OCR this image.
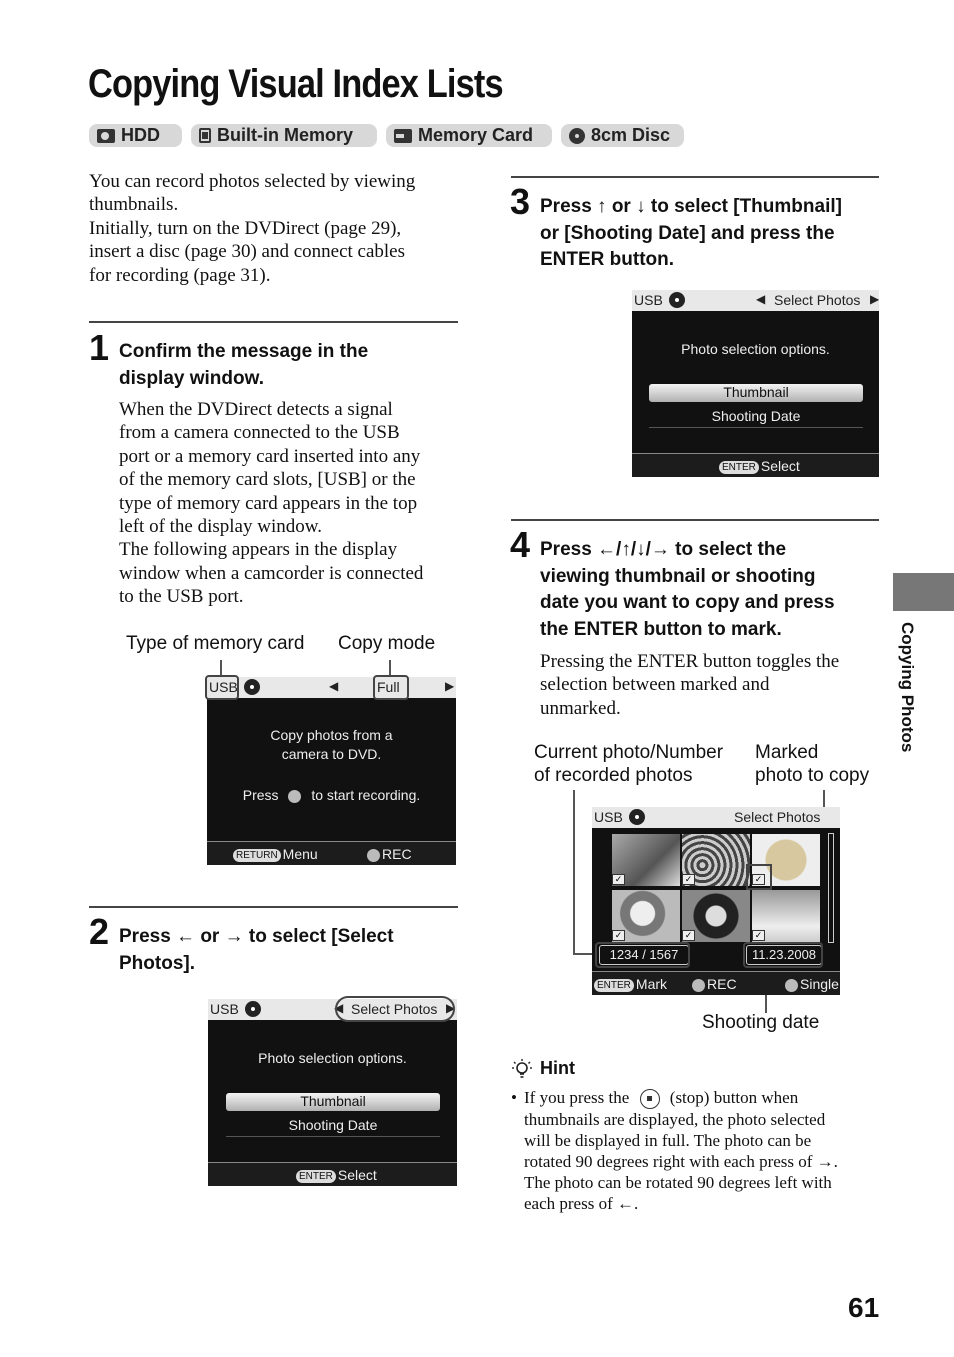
Copying Visual Index Lists
HDD	Built-in Memory	Memory Card	8cm Disc
You can record photos selected by viewing
thumbnails.
Initially, turn on the DVDirect (page 29),
insert a disc (page 30) and connect cables
for recording (page 31).
1 Confirm the message in the
display window.
When the DVDirect detects a signal
from a camera connected to the USB
port or a memory card inserted into any
of the memory card slots, [USB] or the
type of memory card appears in the top
left of the display window.
The following appears in the display
window when a camcorder is connected
to the USB port.
Type of memory card Copy mode
USB	◀	Full	▶
Copy photos from a
camera to DVD.
Press to start recording.
RETURN Menu	REC
2 Press ← or → to select [Select
Photos].
USB	◀ Select Photos ▶
Photo selection options.
Thumbnail
Shooting Date
ENTER Select
3 Press ↑ or ↓ to select [Thumbnail]
or [Shooting Date] and press the
ENTER button.
USB	◀ Select Photos ▶
Photo selection options.
Thumbnail
Shooting Date
ENTER Select
4 Press ←/↑/↓/→ to select the
viewing thumbnail or shooting
date you want to copy and press
the ENTER button to mark.
Pressing the ENTER button toggles the
selection between marked and
unmarked.
Current photo/Number
of recorded photos
Marked
photo to copy
USB	Select Photos
✓	✓	✓
✓	✓	✓
1234 / 1567	11.23.2008
ENTER Mark	REC	Single
Shooting date
Hint
• If you press the (stop) button when
thumbnails are displayed, the photo selected
will be displayed in full. The photo can be
rotated 90 degrees right with each press of →.
The photo can be rotated 90 degrees left with
each press of ←.
Copying Photos
61
